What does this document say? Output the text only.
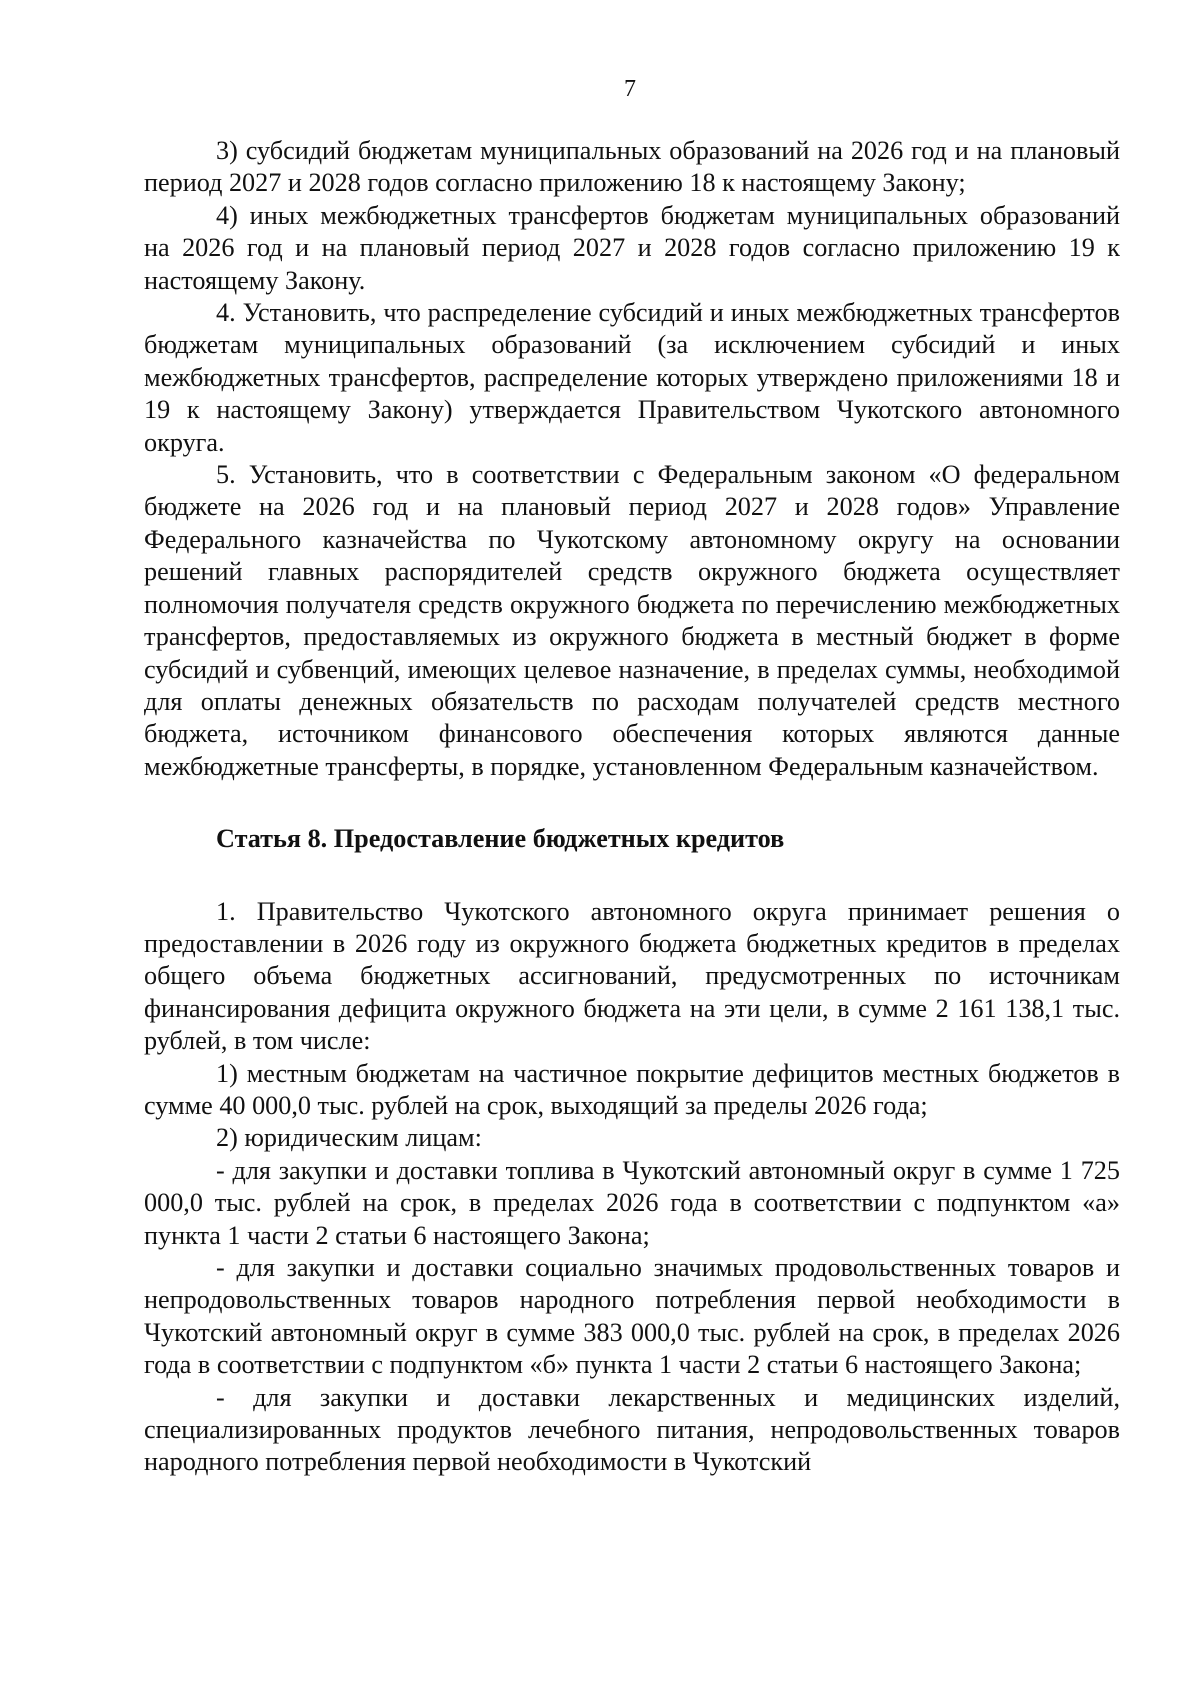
7

3) субсидий бюджетам муниципальных образований на 2026 год и на плановый период 2027 и 2028 годов согласно приложению 18 к настоящему Закону;

4) иных межбюджетных трансфертов бюджетам муниципальных образований на 2026 год и на плановый период 2027 и 2028 годов согласно приложению 19 к настоящему Закону.

4. Установить, что распределение субсидий и иных межбюджетных трансфертов бюджетам муниципальных образований (за исключением субсидий и иных межбюджетных трансфертов, распределение которых утверждено приложениями 18 и 19 к настоящему Закону) утверждается Правительством Чукотского автономного округа.

5. Установить, что в соответствии с Федеральным законом «О федеральном бюджете на 2026 год и на плановый период 2027 и 2028 годов» Управление Федерального казначейства по Чукотскому автономному округу на основании решений главных распорядителей средств окружного бюджета осуществляет полномочия получателя средств окружного бюджета по перечислению межбюджетных трансфертов, предоставляемых из окружного бюджета в местный бюджет в форме субсидий и субвенций, имеющих целевое назначение, в пределах суммы, необходимой для оплаты денежных обязательств по расходам получателей средств местного бюджета, источником финансового обеспечения которых являются данные межбюджетные трансферты, в порядке, установленном Федеральным казначейством.

Статья 8. Предоставление бюджетных кредитов

1. Правительство Чукотского автономного округа принимает решения о предоставлении в 2026 году из окружного бюджета бюджетных кредитов в пределах общего объема бюджетных ассигнований, предусмотренных по источникам финансирования дефицита окружного бюджета на эти цели, в сумме 2 161 138,1 тыс. рублей, в том числе:

1) местным бюджетам на частичное покрытие дефицитов местных бюджетов в сумме 40 000,0 тыс. рублей на срок, выходящий за пределы 2026 года;

2) юридическим лицам:

- для закупки и доставки топлива в Чукотский автономный округ в сумме 1 725 000,0 тыс. рублей на срок, в пределах 2026 года в соответствии с подпунктом «а» пункта 1 части 2 статьи 6 настоящего Закона;

- для закупки и доставки социально значимых продовольственных товаров и непродовольственных товаров народного потребления первой необходимости в Чукотский автономный округ в сумме 383 000,0 тыс. рублей на срок, в пределах 2026 года в соответствии с подпунктом «б» пункта 1 части 2 статьи 6 настоящего Закона;

- для закупки и доставки лекарственных и медицинских изделий, специализированных продуктов лечебного питания, непродовольственных товаров народного потребления первой необходимости в Чукотский
